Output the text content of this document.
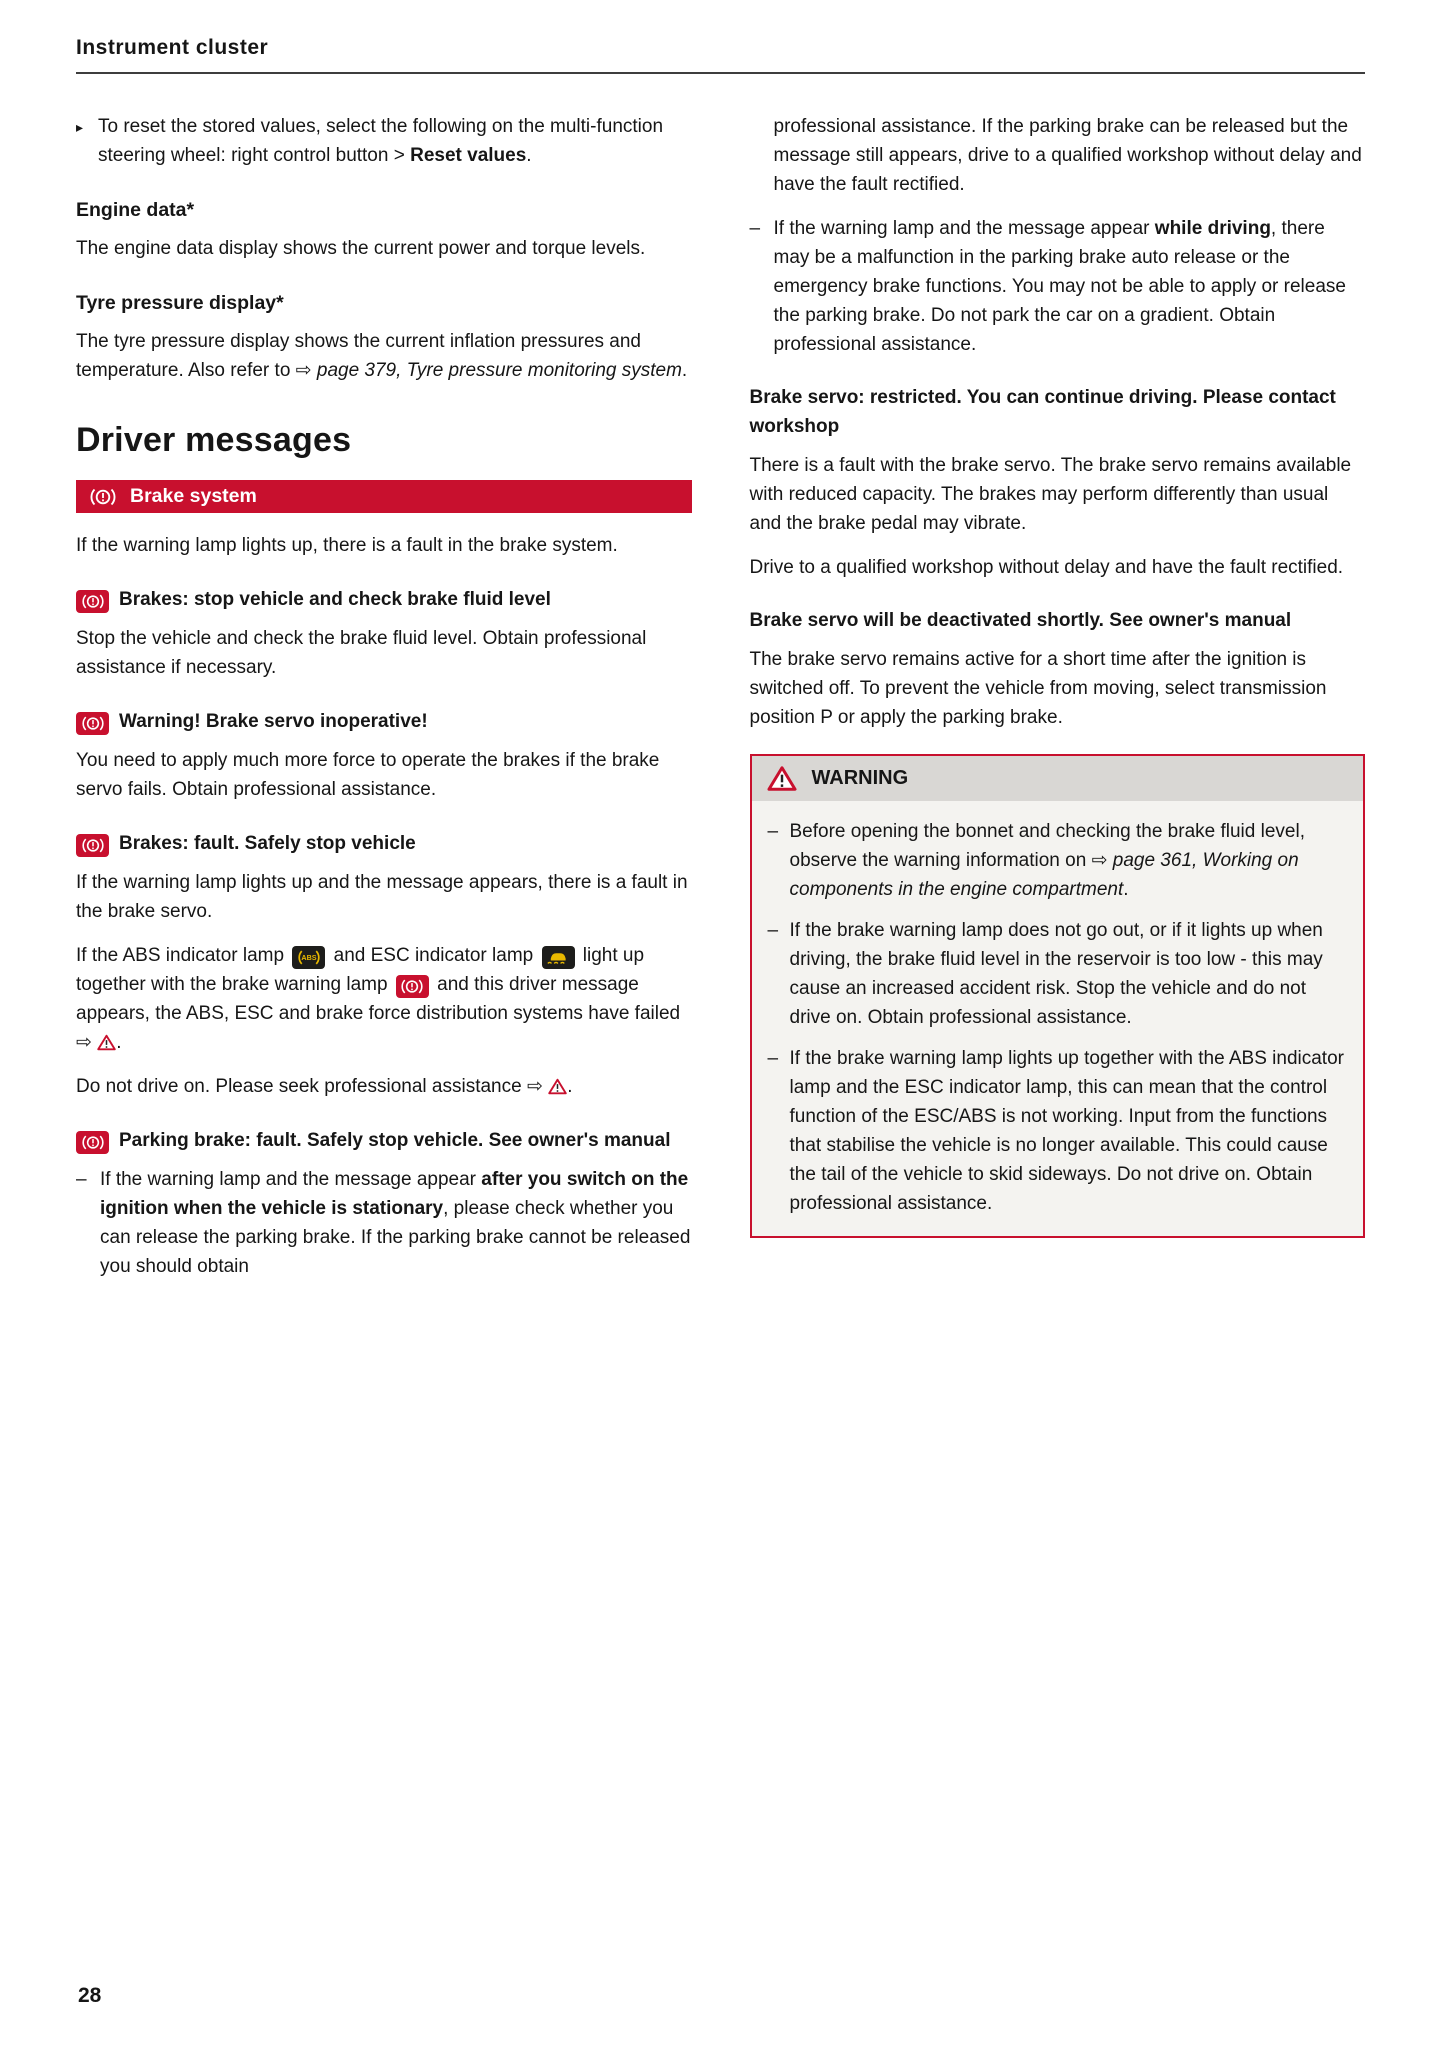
Instrument cluster
▸ To reset the stored values, select the following on the multi-function steering wheel: right control button > Reset values.

Engine data*

The engine data display shows the current power and torque levels.

Tyre pressure display*

The tyre pressure display shows the current inflation pressures and temperature. Also refer to ⇨ page 379, Tyre pressure monitoring system.

Driver messages
Brake system

If the warning lamp lights up, there is a fault in the brake system.

Brakes: stop vehicle and check brake fluid level

Stop the vehicle and check the brake fluid level. Obtain professional assistance if necessary.

Warning! Brake servo inoperative!

You need to apply much more force to operate the brakes if the brake servo fails. Obtain professional assistance.

Brakes: fault. Safely stop vehicle

If the warning lamp lights up and the message appears, there is a fault in the brake servo.

If the ABS indicator lamp ABS and ESC indicator lamp
light up together with the brake warning lamp
and this driver message appears, the ABS, ESC and brake force distribution systems have failed ⇨ .

Do not drive on. Please seek professional assistance ⇨ .

Parking brake: fault. Safely stop vehicle. See owner's manual

– If the warning lamp and the message appear after you switch on the ignition when the vehicle is stationary, please check whether you can release the parking brake. If the parking brake cannot be released you should obtain

professional assistance. If the parking brake can be released but the message still appears, drive to a qualified workshop without delay and have the fault rectified.

– If the warning lamp and the message appear while driving, there may be a malfunction in the parking brake auto release or the emergency brake functions. You may not be able to apply or release the parking brake. Do not park the car on a gradient. Obtain professional assistance.

Brake servo: restricted. You can continue driving. Please contact workshop

There is a fault with the brake servo. The brake servo remains available with reduced capacity. The brakes may perform differently than usual and the brake pedal may vibrate.

Drive to a qualified workshop without delay and have the fault rectified.

Brake servo will be deactivated shortly. See owner's manual

The brake servo remains active for a short time after the ignition is switched off. To prevent the vehicle from moving, select transmission position P or apply the parking brake.

WARNING
– Before opening the bonnet and checking the brake fluid level, observe the warning information on ⇨ page 361, Working on components in the engine compartment.

– If the brake warning lamp does not go out, or if it lights up when driving, the brake fluid level in the reservoir is too low - this may cause an increased accident risk. Stop the vehicle and do not drive on. Obtain professional assistance.

– If the brake warning lamp lights up together with the ABS indicator lamp and the ESC indicator lamp, this can mean that the control function of the ESC/ABS is not working. Input from the functions that stabilise the vehicle is no longer available. This could cause the tail of the vehicle to skid sideways. Do not drive on. Obtain professional assistance.

28
